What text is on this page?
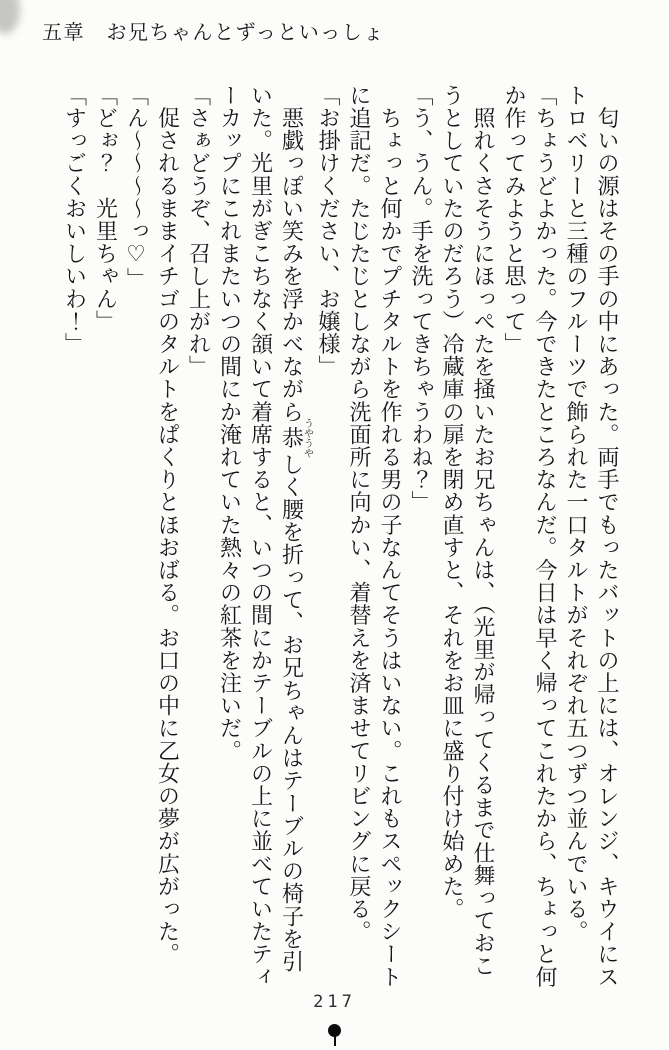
五章　お兄ちゃんとずっといっしょ

　匂いの源はその手の中にあった。両手でもったバットの上には、オレンジ、キウイにストロベリーと三種のフルーツで飾られた一口タルトがそれぞれ五つずつ並んでいる。

「ちょうどよかった。今できたところなんだ。今日は早く帰ってこれたから、ちょっと何か作ってみようと思って」

　照れくさそうにほっぺたを掻いたお兄ちゃんは、（光里が帰ってくるまで仕舞っておこうとしていたのだろう）冷蔵庫の扉を閉め直すと、それをお皿に盛り付け始めた。

「う、うん。手を洗ってきちゃうわね？」

　ちょっと何かでプチタルトを作れる男の子なんてそうはいない。これもスペックシートに追記だ。たじたじとしながら洗面所に向かい、着替えを済ませてリビングに戻る。

「お掛けください、お嬢様」

　悪戯っぽい笑みを浮かべながら恭うやうやしく腰を折って、お兄ちゃんはテーブルの椅子を引いた。光里がぎこちなく頷いて着席すると、いつの間にかテーブルの上に並べていたティーカップにこれまたいつの間にか淹れていた熱々の紅茶を注いだ。

「さぁどうぞ、召し上がれ」

　促されるままイチゴのタルトをぱくりとほおばる。お口の中に乙女の夢が広がった。

「ん～～～～っ♡」

「どぉ？　光里ちゃん」

「すっごくおいしいわ！」

217
